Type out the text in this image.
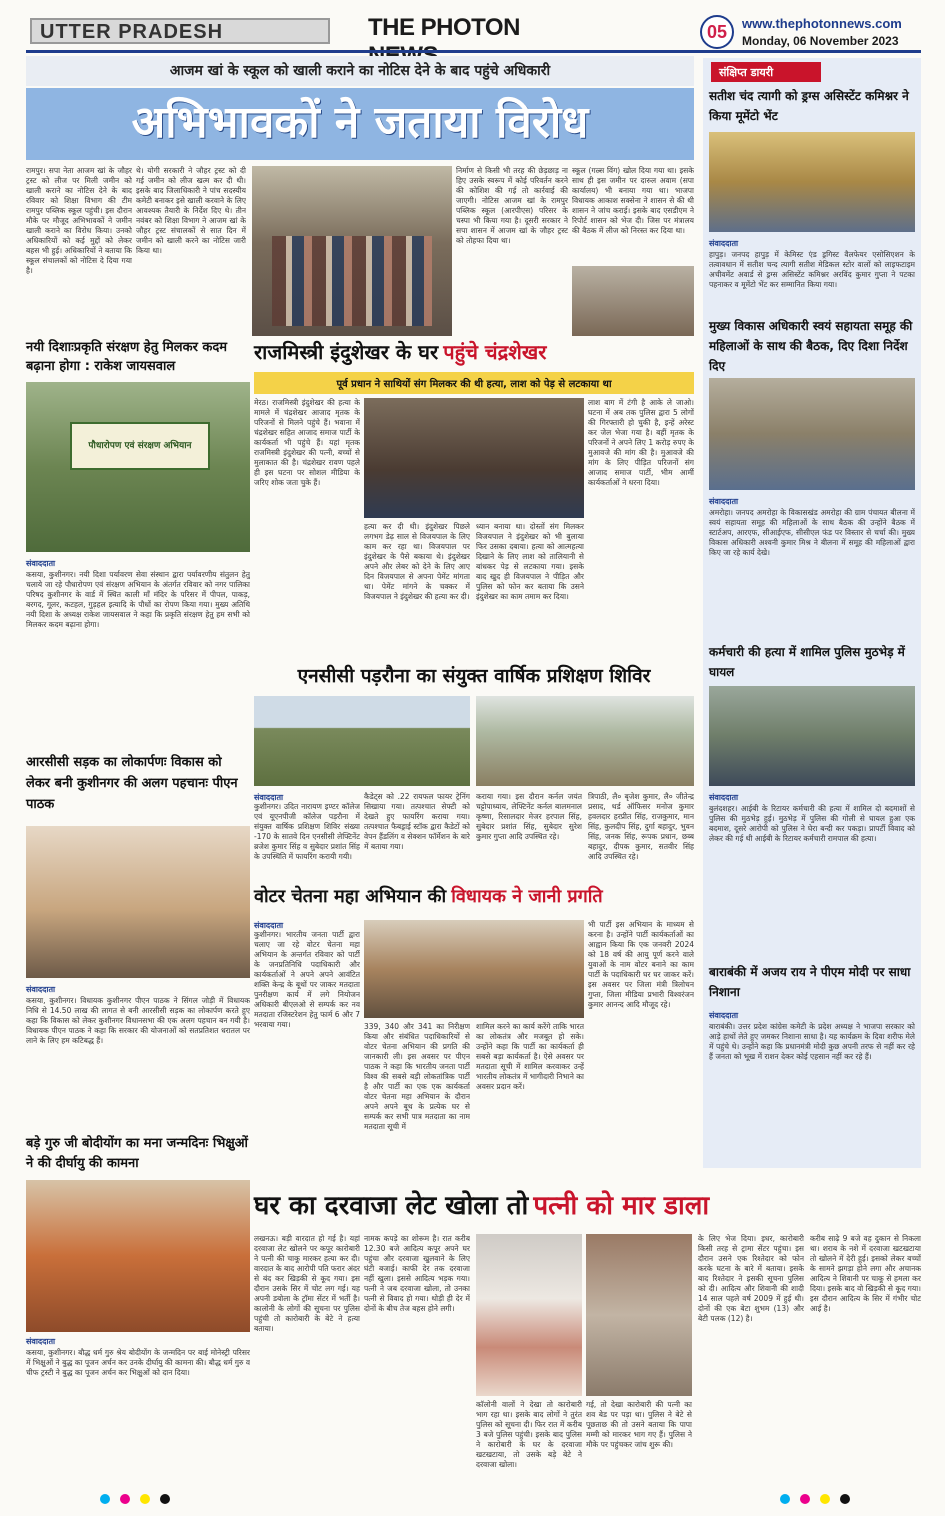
UTTER PRADESH	THE PHOTON	05	www.thephotonnews.com
Monday, 06 November 2023
आजम खां के स्कूल को खाली कराने का नोटिस देने के बाद पहुंचे अधिकारी
अभिभावकों ने जताया विरोध
रामपुर। सपा नेता आजम खां के जौहर ट्रस्ट को लीज पर मिली जमीन को खाली कराने का नोटिस देने के बाद रविवार को शिक्षा विभाग की टीम रामपुर पब्लिक स्कूल पहुंची। इस दौरान मौके पर मौजूद अभिभावकों ने जमीन खाली कराने का विरोध किया। उनको अधिकारियों को कई मुद्दों को लेकर बहस भी हुई। अधिकारियों ने बताया कि स्कूल संचालकों को नोटिस दे दिया गया है।
थे। योगी सरकारी ने जौहर ट्रस्ट को दी गई जमीन को लीज खत्म कर दी थी। इसके बाद जिलाधिकारी ने पांच सदस्यीय कमेटी बनाकर इसे खाली करवाने के लिए आवश्यक तैयारी के निर्देश दिए थे। तीन नवंबर को शिक्षा विभाग ने आजम खां के जौहर ट्रस्ट संचालकों से सात दिन में जमीन को खाली करने का नोटिस जारी किया था।
निर्माण से किसी भी तरह की छेड़छाड़ ना हिए उसके स्वरूप में कोई परिवर्तन करने की कोशिश की गई तो कार्रवाई की जाएगी। नोटिस आजम खां के रामपुर पब्लिक स्कूल (आरपीएस) परिसर के चस्पा भी किया गया है। दूसरी सरकार ने सपा शासन में आजम खां के जौहर ट्रस्ट को तोहफा दिया था।
स्कूल (गल्र्स विंग) खोल दिया गया था। इसके साथ ही इस जमीन पर दारुल अवाम (सपा कार्यालय) भी बनाया गया था। भाजपा विधायक आकाश सक्सेना ने शासन से की थी शासन ने जांच कराई। इसके बाद एसडीएम ने रिपोर्ट शासन को भेज दी। जिस पर मंत्रालय की बैठक में लीज को निरस्त कर दिया था।
नयी दिशाःप्रकृति संरक्षण हेतु मिलकर कदम बढ़ाना होगा : राकेश जायसवाल
पौधारोपण एवं संरक्षण अभियान
संवाददाता
कसया, कुशीनगर। नयी दिशा पर्यावरण सेवा संस्थान द्वारा पर्यावरणीय संतुलन हेतु चलाये जा रहे पौधारोपण एवं संरक्षण अभियान के अंतर्गत रविवार को नगर पालिका परिषद कुशीनगर के वार्ड में स्थित काली माँ मंदिर के परिसर में पीपल, पाकड़, बरगद, गूलर, कटहल, गुड़हल इत्यादि के पौधों का रोपण किया गया। मुख्य अतिथि नयी दिशा के अध्यक्ष राकेश जायसवाल ने कहा कि प्रकृति संरक्षण हेतु हम सभी को मिलकर कदम बढ़ाना होगा।
आरसीसी सड़क का लोकार्पणः विकास को लेकर बनी कुशीनगर की अलग पहचानः पीएन पाठक
संवाददाता
कसया, कुशीनगर। विधायक कुशीनगर पीएन पाठक ने सिंगल जोड़ी में विधायक निधि से 14.50 लाख की लागत से बनी आरसीसी सड़क का लोकार्पण करते हुए कहा कि विकास को लेकर कुशीनगर विधानसभा की एक अलग पहचान बन गयी है। विधायक पीएन पाठक ने कहा कि सरकार की योजनाओं को सतप्रतिशत धरातल पर लाने के लिए हम कटिबद्ध हैं।
बड़े गुरु जी बोदीयोंग का मना जन्मदिनः भिक्षुओं ने की दीर्घायु की कामना
संवाददाता
कसया, कुशीनगर। बौद्ध धर्म गुरु श्रेय बोदीयोंग के जन्मदिन पर बाई मोनेस्ट्री परिसर में भिक्षुओं ने बुद्ध का पूजन अर्चन कर उनके दीर्घायु की कामना की। बौद्ध धर्म गुरु व चीफ ट्रस्टी ने बुद्ध का पूजन अर्चन कर भिक्षुओं को दान दिया।
राजमिस्त्री इंदुशेखर के घर पहुंचे चंद्रशेखर
पूर्व प्रधान ने साथियों संग मिलकर की थी हत्या, लाश को पेड़ से लटकाया था
मेरठ। राजमिस्त्री इंदुशेखर की हत्या के मामले में चंद्रशेखर आजाद मृतक के परिजनों से मिलने पहुंचे हैं। भवाना में चंद्रशेखर सहित आजाद समाज पार्टी के कार्यकर्ता भी पहुंचे हैं। यहां मृतक राजमिस्त्री इंदुशेखर की पत्नी, बच्चों से मुलाकात की है। चंद्रशेखर रावण पहले ही इस घटना पर सोशल मीडिया के जरिए शोक जता चुके हैं।
हत्या कर दी थी। इंदुशेखर पिछले लगभग डेढ़ साल से विजयपाल के लिए काम कर रहा था। विजयपाल पर इंदुशेखर के पैसे बकाया थे। इंदुशेखर अपने और लेबर को देने के लिए आए दिन विजयपाल से अपना पेमेंट मांगता था। पेमेंट मांगने के चक्कर में विजयपाल ने इंदुशेखर की हत्या कर दी।
ध्यान बनाया था। दोस्तों संग मिलकर विजयपाल ने इंदुशेखर को भी बुलाया फिर उसका दबाया। हत्या को आत्महत्या दिखाने के लिए लाश को तालियानी से बांधकर पेड़ से लटकाया गया। इसके बाद खुद ही विजयपाल ने पीड़ित और पुलिस को फोन कर बताया कि उसने इंदुशेखर का काम तमाम कर दिया।
लाश बाग में टंगी है आके ले जाओ। घटना में अब तक पुलिस द्वारा 5 लोगों की गिरफ्तारी हो चुकी है, इन्हें अरेस्ट कर जेल भेजा गया है। बहीं मृतक के परिजनों ने अपने लिए 1 करोड़ रुपए के मुआवजे की मांग की है। मुआवजे की मांग के लिए पीड़ित परिजनों संग आजाद समाज पार्टी, भीम आर्मी कार्यकर्ताओं ने धरना दिया।
एनसीसी पड़रौना का संयुक्त वार्षिक प्रशिक्षण शिविर
संवाददाता
कुशीनगर। उदित नारायण इण्टर कॉलेज एवं यूएनपीजी कॉलेज पड़रौना में संयुक्त वार्षिक प्रशिक्षण शिविर संख्या -170 के सातवे दिन एनसीसी लेफ्टिनेंट ब्रजेश कुमार सिंह व सुबेदार प्रशांत सिंह के उपस्थिति में फायरिंग करायी गयी।
कैडेट्स को .22 रायफल फायर ट्रेनिंग सिखाया गया। तत्पश्चात सेफ्टी को देखते हुए फायरिंग कराया गया। तत्पश्चात फैबड्राई स्टॉक द्वारा कैडेटों को वेपन हैंडलिंग व सेक्शन फॉर्मेशन के बारे में बताया गया।
कराया गया। इस दौरान कर्नल जयंत चट्टोपाध्याय, लेफ्टिनेंट कर्नल बालमनाल कृष्णा, रिसालदार मेजर हरपाल सिंह, सुबेदार प्रशांत सिंह, सुबेदार सुरेश कुमार गुप्ता आदि उपस्थित रहे।
त्रिपाठी, लै० बृजेश कुमार, लै० जीतेन्द्र प्रसाद, थर्ड ऑफिसर मनोज कुमार हवलदार हरप्रीत सिंह, राजकुमार, मान सिंह, कुलदीप सिंह, दुर्गा बहादुर, भुवन सिंह, जनक सिंह, रूपक प्रधान, छब्ब बहादुर, दीपक कुमार, सतवीर सिंह आदि उपस्थित रहे।
वोटर चेतना महा अभियान की विधायक ने जानी प्रगति
संवाददाता
कुशीनगर। भारतीय जनता पार्टी द्वारा चलाए जा रहे वोटर चेतना महा अभियान के अन्तर्गत रविवार को पार्टी के जनप्रतिनिधि पदाधिकारी और कार्यकर्ताओं ने अपने अपने आवंटित शक्ति केन्द्र के बूथों पर जाकर मतदाता पुनरीक्षण कार्य में लगे नियोजन अधिकारी बीएलओ से सम्पर्क कर नव मतदाता रजिस्टरेशन हेतु फार्म 6 और 7 भरवाया गया।	339, 340 और 341 का निरीक्षण किया और संबंधित पदाधिकारियों से वोटर चेतना अभियान की प्रगति की जानकारी ली। इस अवसर पर पीएन पाठक ने कहा कि भारतीय जनता पार्टी विश्व की सबसे बड़ी लोकतांत्रिक पार्टी है और पार्टी का एक एक कार्यकर्ता वोटर चेतना महा अभियान के दौरान अपने अपने बूथ के प्रत्येक घर से सम्पर्क कर सभी पात्र मतदाता का नाम मतदाता सूची में
शामिल करने का कार्य करेंगे ताकि भारत का लोकतंत्र और मजबूत हो सके। उन्होंने कहा कि पार्टी का कार्यकर्ता ही सबसे बड़ा कार्यकर्ता है। ऐसे अवसर पर मतदाता सूची में शामिल करवाकर उन्हें भारतीय लोकतंत्र में भागीदारी निभाने का अवसर प्रदान करें।
भी पार्टी इस अभियान के माध्यम से करना है। उन्होंने पार्टी कार्यकर्ताओं का आह्वान किया कि एक जनवरी 2024 को 18 वर्ष की आयु पूर्ण करने वाले युवाओं के नाम वोटर बनाने का काम पार्टी के पदाधिकारी घर घर जाकर करें। इस अवसर पर जिला मंत्री त्रिलोचन गुप्ता, जिला मीडिया प्रभारी विश्वरंजन कुमार आनन्द आदि मौजूद रहे।
संक्षिप्त डायरी
सतीश चंद त्यागी को ड्रग्स असिस्टेंट कमिश्नर ने किया मूमेंटो भेंट
संवाददाता
हापुड़। जनपद हापुड़ में केमिस्ट एंड ड्रगिस्ट वैलफेयर एसोसिएशन के तत्वावधान में सतीश चन्द त्यागी सतीश मेडिकल स्टोर वालों को लाइफटाइम अचीवमेंट अवार्ड से ड्रग्स असिस्टेंट कमिश्नर अरविंद कुमार गुप्ता ने पटका पहनाकर व मूमेंटो भेंट कर सम्मानित किया गया।
मुख्य विकास अधिकारी स्वयं सहायता समूह की महिलाओं के साथ की बैठक, दिए दिशा निर्देश दिए
संवाददाता
अमरोहा। जनपद अमरोहा के विकासखंड अमरोहा की ग्राम पंचायत बीलना में स्वयं सहायता समूह की महिलाओं के साथ बैठक की उन्होंने बैठक में स्टार्टअप, आरएफ, सीआईएफ, सीसीएल फंड पर विस्तार से चर्चा की। मुख्य विकास अधिकारी अश्वनी कुमार मिश्र ने बीलना में समूह की महिलाओं द्वारा किए जा रहे कार्य देखे।
कर्मचारी की हत्या में शामिल पुलिस मुठभेड़ में घायल
संवाददाता
बुलंदशहर। आईबी के रिटायर कर्मचारी की हत्या में शामिल दो बदमाशों से पुलिस की मुठभेड़ हुई। मुठभेड़ में पुलिस की गोली से घायल हुआ एक बदमाश, दूसरे आरोपी को पुलिस ने घेरा बन्दी कर पकड़ा। प्रापर्टी विवाद को लेकर की गई थी आईबी के रिटायर कर्मचारी रामपाल की हत्या।
बाराबंकी में अजय राय ने पीएम मोदी पर साधा निशाना
संवाददाता
बाराबंकी। उत्तर प्रदेश कांग्रेस कमेटी के प्रदेश अध्यक्ष ने भाजपा सरकार को आड़े हाथों लेते हुए जमकर निशाना साधा है। यह कार्यक्रम के दिवा शरीफ मेले में पहुंचे थे। उन्होंने कहा कि प्रधानमंत्री मोदी कुछ अपनी तरफ से नहीं कर रहे हैं जनता को भूख में राशन देकर कोई एहसान नहीं कर रहे हैं।
घर का दरवाजा लेट खोला तो पत्नी को मार डाला
लखनऊ। बड़ी वारदात हो गई है। यहां दरवाजा लेट खोलने पर कपूर कारोबारी ने पत्नी की चाकू मारकर हत्या कर दी। वारदात के बाद आरोपी पति फरार अंदर से बंद कर खिड़की से कूद गया। इस दौरान उसके सिर में चोट लग गई। यह अपनी डबोला के ट्रॉमा सेंटर में भर्ती है। कालोनी के लोगों की सूचना पर पुलिस पहुंची तो कारोबारी के बेटे ने हत्या बताया।
नामक कपड़े का शोरूम है। रात करीब 12.30 बजे आदित्य कपूर अपने घर पहुंचा और दरवाजा खुलवाने के लिए घंटी बजाई। काफी देर तक दरवाजा नहीं खुला। इससे आदित्य भड़क गया। पत्नी ने जब दरवाजा खोला, तो उनका पत्नी से विवाद हो गया। थोड़ी ही देर में दोनों के बीच तेज बहस होने लगी।
कॉलोनी वालों ने देखा तो कारोबारी भाग रहा था। इसके बाद लोगों ने तुरंत पुलिस को सूचना दी। फिर रात में करीब 3 बजे पुलिस पहुंची। इसके बाद पुलिस ने कारोबारी के घर के दरवाजा खटखटाया, तो उसके बड़े बेटे ने दरवाजा खोला।
गई, तो देखा कारोबारी की पत्नी का शव बेड पर पड़ा था। पुलिस ने बेटे से पूछताछ की तो उसने बताया कि पापा मम्मी को मारकर भाग गए हैं। पुलिस ने मौके पर पहुंचकर जांच शुरू की।
के लिए भेज दिया। इधर, कारोबारी किसी तरह से ट्रामा सेंटर पहुंचा। इस दौरान उसने एक रिश्तेदार को फोन करके घटना के बारे में बताया। इसके बाद रिश्तेदार ने इसकी सूचना पुलिस को दी। आदित्य और शिवानी की शादी 14 साल पहले वर्ष 2009 में हुई थी। दोनों की एक बेटा शुभम (13) और बेटी पलक (12) है।
करीब साढ़े 9 बजे वह दुकान से निकला था। शराब के नशे में दरवाजा खटखटाया तो खोलने में देरी हुई। इसको लेकर बच्चों के सामने झगड़ा होने लगा और अचानक आदित्य ने शिवानी पर चाकू से हमला कर दिया। इसके बाद वो खिड़की से कूद गया। इस दौरान आदित्य के सिर में गंभीर चोट आई है।
